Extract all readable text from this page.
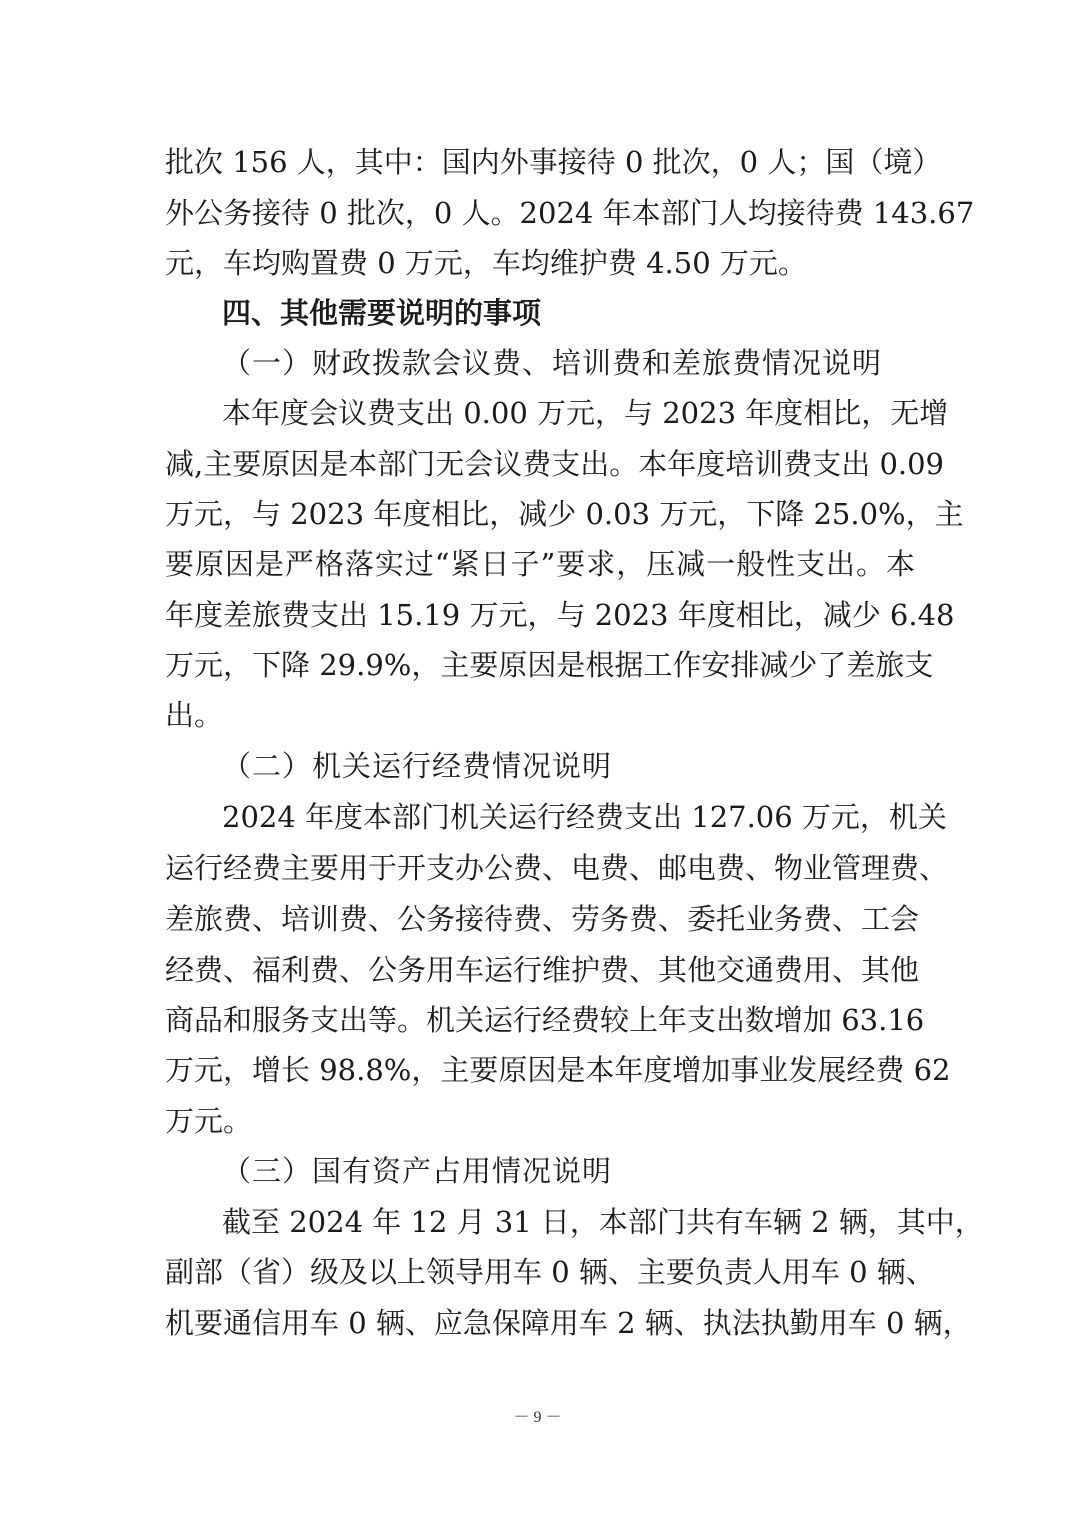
批次 156 人，其中：国内外事接待 0 批次，0 人；国（境）
外公务接待 0 批次，0 人。2024 年本部门人均接待费 143.67
元，车均购置费 0 万元，车均维护费 4.50 万元。
四、其他需要说明的事项
（一）财政拨款会议费、培训费和差旅费情况说明
本年度会议费支出 0.00 万元，与 2023 年度相比，无增
减,主要原因是本部门无会议费支出。本年度培训费支出 0.09
万元，与 2023 年度相比，减少 0.03 万元，下降 25.0%，主
要原因是严格落实过“紧日子”要求，压减一般性支出。本
年度差旅费支出 15.19 万元，与 2023 年度相比，减少 6.48
万元，下降 29.9%，主要原因是根据工作安排减少了差旅支
出。
（二）机关运行经费情况说明
2024 年度本部门机关运行经费支出 127.06 万元，机关
运行经费主要用于开支办公费、电费、邮电费、物业管理费、
差旅费、培训费、公务接待费、劳务费、委托业务费、工会
经费、福利费、公务用车运行维护费、其他交通费用、其他
商品和服务支出等。机关运行经费较上年支出数增加 63.16
万元，增长 98.8%，主要原因是本年度增加事业发展经费 62
万元。
（三）国有资产占用情况说明
截至 2024 年 12 月 31 日，本部门共有车辆 2 辆，其中，
副部（省）级及以上领导用车 0 辆、主要负责人用车 0 辆、
机要通信用车 0 辆、应急保障用车 2 辆、执法执勤用车 0 辆，
－ 9 －
